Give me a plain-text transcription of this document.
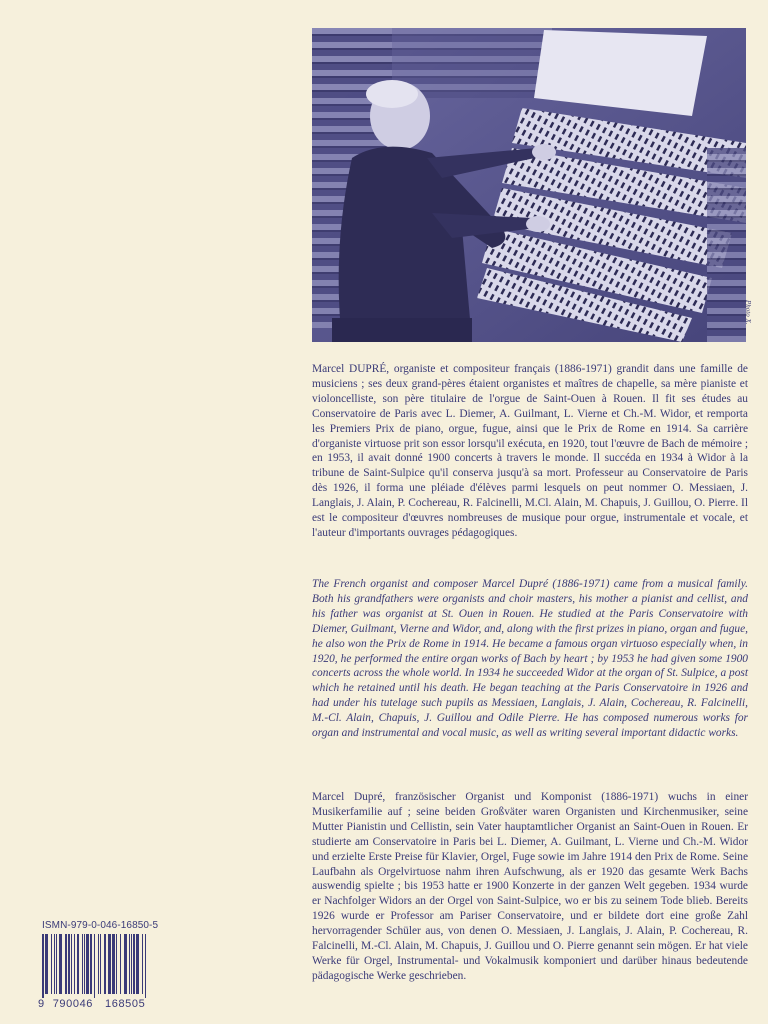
Photo X.

Marcel DUPRÉ, organiste et compositeur français (1886-1971) grandit dans une famille de musiciens ; ses deux grand-pères étaient organistes et maîtres de chapelle, sa mère pianiste et violoncelliste, son père titulaire de l'orgue de Saint-Ouen à Rouen. Il fit ses études au Conservatoire de Paris avec L. Diemer, A. Guilmant, L. Vierne et Ch.-M. Widor, et remporta les Premiers Prix de piano, orgue, fugue, ainsi que le Prix de Rome en 1914. Sa carrière d'organiste virtuose prit son essor lorsqu'il exécuta, en 1920, tout l'œuvre de Bach de mémoire ; en 1953, il avait donné 1900 concerts à travers le monde. Il succéda en 1934 à Widor à la tribune de Saint-Sulpice qu'il conserva jusqu'à sa mort. Professeur au Conservatoire de Paris dès 1926, il forma une pléiade d'élèves parmi lesquels on peut nommer O. Messiaen, J. Langlais, J. Alain, P. Cochereau, R. Falcinelli, M.Cl. Alain, M. Chapuis, J. Guillou, O. Pierre. Il est le compositeur d'œuvres nombreuses de musique pour orgue, instrumentale et vocale, et l'auteur d'importants ouvrages pédagogiques.

The French organist and composer Marcel Dupré (1886-1971) came from a musical family. Both his grandfathers were organists and choir masters, his mother a pianist and cellist, and his father was organist at St. Ouen in Rouen. He studied at the Paris Conservatoire with Diemer, Guilmant, Vierne and Widor, and, along with the first prizes in piano, organ and fugue, he also won the Prix de Rome in 1914. He became a famous organ virtuoso especially when, in 1920, he performed the entire organ works of Bach by heart ; by 1953 he had given some 1900 concerts across the whole world. In 1934 he succeeded Widor at the organ of St. Sulpice, a post which he retained until his death. He began teaching at the Paris Conservatoire in 1926 and had under his tutelage such pupils as Messiaen, Langlais, J. Alain, Cochereau, R. Falcinelli, M.-Cl. Alain, Chapuis, J. Guillou and Odile Pierre. He has composed numerous works for organ and instrumental and vocal music, as well as writing several important didactic works.

Marcel Dupré, französischer Organist und Komponist (1886-1971) wuchs in einer Musikerfamilie auf ; seine beiden Großväter waren Organisten und Kirchenmusiker, seine Mutter Pianistin und Cellistin, sein Vater hauptamtlicher Organist an Saint-Ouen in Rouen. Er studierte am Conservatoire in Paris bei L. Diemer, A. Guilmant, L. Vierne und Ch.-M. Widor und erzielte Erste Preise für Klavier, Orgel, Fuge sowie im Jahre 1914 den Prix de Rome. Seine Laufbahn als Orgelvirtuose nahm ihren Aufschwung, als er 1920 das gesamte Werk Bachs auswendig spielte ; bis 1953 hatte er 1900 Konzerte in der ganzen Welt gegeben. 1934 wurde er Nachfolger Widors an der Orgel von Saint-Sulpice, wo er bis zu seinem Tode blieb. Bereits 1926 wurde er Professor am Pariser Conservatoire, und er bildete dort eine große Zahl hervorragender Schüler aus, von denen O. Messiaen, J. Langlais, J. Alain, P. Cochereau, R. Falcinelli, M.-Cl. Alain, M. Chapuis, J. Guillou und O. Pierre genannt sein mögen. Er hat viele Werke für Orgel, Instrumental- und Vokalmusik komponiert und darüber hinaus bedeutende pädagogische Werke geschrieben.

ISMN-979-0-046-16850-5
9 790046 168505
